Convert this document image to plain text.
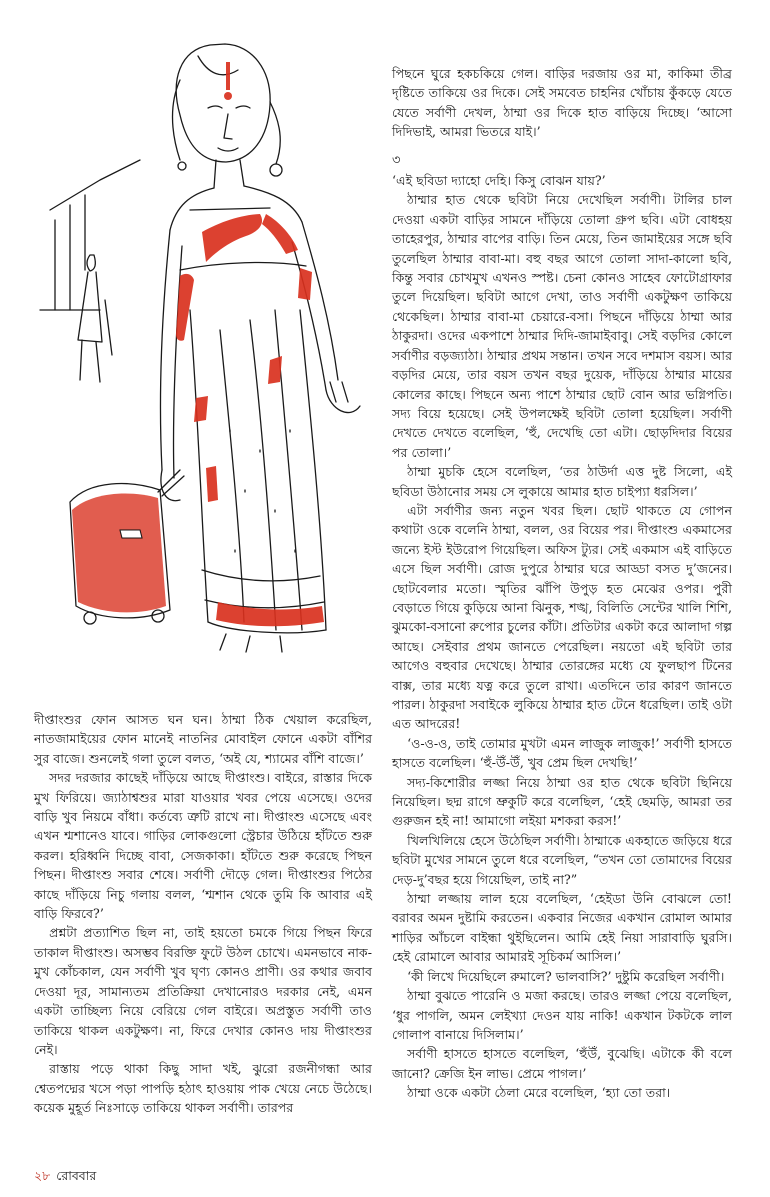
পিছনে ঘুরে হকচকিয়ে গেল। বাড়ির দরজায় ওর মা, কাকিমা তীব্র দৃষ্টিতে তাকিয়ে ওর দিকে। সেই সমবেত চাহনির খোঁচায় কুঁকড়ে যেতে যেতে সর্বাণী দেখল, ঠাম্মা ওর দিকে হাত বাড়িয়ে দিচ্ছে। ‘আসো দিদিভাই, আমরা ভিতরে যাই।’

৩

‘এই ছবিডা দ্যাহো দেহি। কিসু বোঝন যায়?’

ঠাম্মার হাত থেকে ছবিটা নিয়ে দেখেছিল সর্বাণী। টালির চাল দেওয়া একটা বাড়ির সামনে দাঁড়িয়ে তোলা গ্রুপ ছবি। এটা বোধহয় তাহেরপুর, ঠাম্মার বাপের বাড়ি। তিন মেয়ে, তিন জামাইয়ের সঙ্গে ছবি তুলেছিল ঠাম্মার বাবা-মা। বহু বছর আগে তোলা সাদা-কালো ছবি, কিন্তু সবার চোখমুখ এখনও স্পষ্ট। চেনা কোনও সাহেব ফোটোগ্রাফার তুলে দিয়েছিল। ছবিটা আগে দেখা, তাও সর্বাণী একটুক্ষণ তাকিয়ে থেকেছিল। ঠাম্মার বাবা-মা চেয়ারে-বসা। পিছনে দাঁড়িয়ে ঠাম্মা আর ঠাকুরদা। ওদের একপাশে ঠাম্মার দিদি-জামাইবাবু। সেই বড়দির কোলে সর্বাণীর বড়জ্যাঠা। ঠাম্মার প্রথম সন্তান। তখন সবে দশমাস বয়স। আর বড়দির মেয়ে, তার বয়স তখন বছর দুয়েক, দাঁড়িয়ে ঠাম্মার মায়ের কোলের কাছে। পিছনে অন্য পাশে ঠাম্মার ছোট বোন আর ভগ্নিপতি। সদ্য বিয়ে হয়েছে। সেই উপলক্ষেই ছবিটা তোলা হয়েছিল। সর্বাণী দেখতে দেখতে বলেছিল, ‘হুঁ, দেখেছি তো এটা। ছোড়দিদার বিয়ের পর তোলা।’

ঠাম্মা মুচকি হেসে বলেছিল, ‘তর ঠাউর্দা এত্ত দুষ্ট সিলো, এই ছবিডা উঠানোর সময় সে লুকায়ে আমার হাত চাইপ্যা ধরসিল।’

এটা সর্বাণীর জন্য নতুন খবর ছিল। ছোট থাকতে যে গোপন কথাটা ওকে বলেনি ঠাম্মা, বলল, ওর বিয়ের পর। দীপ্তাংশু একমাসের জন্যে ইস্ট ইউরোপ গিয়েছিল। অফিস ট্যুর। সেই একমাস এই বাড়িতে এসে ছিল সর্বাণী। রোজ দুপুরে ঠাম্মার ঘরে আড্ডা বসত দু’জনের। ছোটবেলার মতো। স্মৃতির ঝাঁপি উপুড় হত মেঝের ওপর। পুরী বেড়াতে গিয়ে কুড়িয়ে আনা ঝিনুক, শঙ্খ, বিলিতি সেন্টের খালি শিশি, ঝুমকো-বসানো রুপোর চুলের কাঁটা। প্রতিটার একটা করে আলাদা গল্প আছে। সেইবার প্রথম জানতে পেরেছিল। নয়তো এই ছবিটা তার আগেও বহুবার দেখেছে। ঠাম্মার তোরঙ্গের মধ্যে যে ফুলছাপ টিনের বাক্স, তার মধ্যে যত্ন করে তুলে রাখা। এতদিনে তার কারণ জানতে পারল। ঠাকুরদা সবাইকে লুকিয়ে ঠাম্মার হাত টেনে ধরেছিল। তাই ওটা এত আদরের!

‘ও-ও-ও, তাই তোমার মুখটা এমন লাজুক লাজুক!’ সর্বাণী হাসতে হাসতে বলেছিল। ‘হুঁ-উঁ-উঁ, খুব প্রেম ছিল দেখছি!’

সদ্য-কিশোরীর লজ্জা নিয়ে ঠাম্মা ওর হাত থেকে ছবিটা ছিনিয়ে নিয়েছিল। ছদ্ম রাগে ভ্রুকুটি করে বলেছিল, ‘হেই ছেমড়ি, আমরা তর গুরুজন হই না! আমাগো লইয়া মশকরা করস!’

খিলখিলিয়ে হেসে উঠেছিল সর্বাণী। ঠাম্মাকে একহাতে জড়িয়ে ধরে ছবিটা মুখের সামনে তুলে ধরে বলেছিল, “তখন তো তোমাদের বিয়ের দেড়-দু’বছর হয়ে গিয়েছিল, তাই না?”

ঠাম্মা লজ্জায় লাল হয়ে বলেছিল, ‘হেইডা উনি বোঝলে তো! বরাবর অমন দুষ্টামি করতেন। একবার নিজের একখান রোমাল আমার শাড়ির আঁচলে বাইন্ধা থুইছিলেন। আমি হেই নিয়া সারাবাড়ি ঘুরসি। হেই রোমালে আবার আমারই সূচিকর্ম আসিল।’

‘কী লিখে দিয়েছিলে রুমালে? ভালবাসি?’ দুষ্টুমি করেছিল সর্বাণী।

ঠাম্মা বুঝতে পারেনি ও মজা করছে। তারও লজ্জা পেয়ে বলেছিল, ‘ধুর পাগলি, অমন লেইখ্যা দেওন যায় নাকি! একখান টকটকে লাল গোলাপ বানায়ে দিসিলাম।’

সর্বাণী হাসতে হাসতে বলেছিল, ‘হুঁউঁ, বুঝেছি। এটাকে কী বলে জানো? ক্রেজি ইন লাভ। প্রেমে পাগল।’

ঠাম্মা ওকে একটা ঠেলা মেরে বলেছিল, ‘হ্যা তো তরা।

দীপ্তাংশুর ফোন আসত ঘন ঘন। ঠাম্মা ঠিক খেয়াল করেছিল, নাতজামাইয়ের ফোন মানেই নাতনির মোবাইল ফোনে একটা বাঁশির সুর বাজে। শুনলেই গলা তুলে বলত, ‘অই যে, শ্যামের বাঁশি বাজে।’

সদর দরজার কাছেই দাঁড়িয়ে আছে দীপ্তাংশু। বাইরে, রাস্তার দিকে মুখ ফিরিয়ে। জ্যাঠাশ্বশুর মারা যাওয়ার খবর পেয়ে এসেছে। ওদের বাড়ি খুব নিয়মে বাঁধা। কর্তব্যে ত্রুটি রাখে না। দীপ্তাংশু এসেছে এবং এখন শ্মশানেও যাবে। গাড়ির লোকগুলো স্ট্রেচার উঠিয়ে হাঁটতে শুরু করল। হরিধ্বনি দিচ্ছে বাবা, সেজকাকা। হাঁটতে শুরু করেছে পিছন পিছন। দীপ্তাংশু সবার শেষে। সর্বাণী দৌড়ে গেল। দীপ্তাংশুর পিঠের কাছে দাঁড়িয়ে নিচু গলায় বলল, ‘শ্মশান থেকে তুমি কি আবার এই বাড়ি ফিরবে?’

প্রশ্নটা প্রত্যাশিত ছিল না, তাই হয়তো চমকে গিয়ে পিছন ফিরে তাকাল দীপ্তাংশু। অসম্ভব বিরক্তি ফুটে উঠল চোখে। এমনভাবে নাক-মুখ কোঁচকাল, যেন সর্বাণী খুব ঘৃণ্য কোনও প্রাণী। ওর কথার জবাব দেওয়া দূর, সামান্যতম প্রতিক্রিয়া দেখানোরও দরকার নেই, এমন একটা তাচ্ছিল্য নিয়ে বেরিয়ে গেল বাইরে। অপ্রস্তুত সর্বাণী তাও তাকিয়ে থাকল একটুক্ষণ। না, ফিরে দেখার কোনও দায় দীপ্তাংশুর নেই।

রাস্তায় পড়ে থাকা কিছু সাদা খই, ঝুরো রজনীগন্ধা আর শ্বেতপদ্মের খসে পড়া পাপড়ি হঠাৎ হাওয়ায় পাক খেয়ে নেচে উঠেছে। কয়েক মুহূর্ত নিঃসাড়ে তাকিয়ে থাকল সর্বাণী। তারপর

২৮ রোববার
